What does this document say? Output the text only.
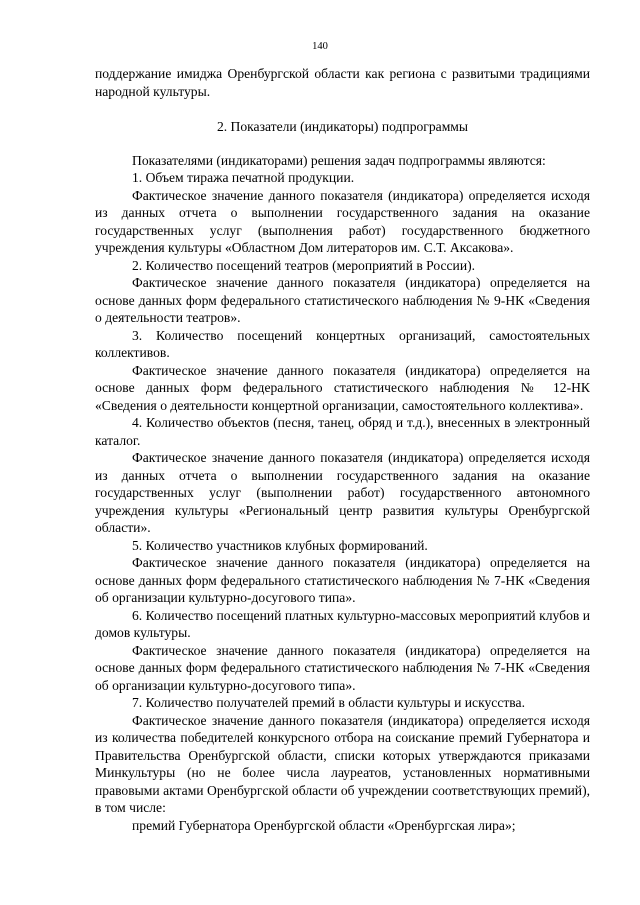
140

поддержание имиджа Оренбургской области как региона с развитыми традициями народной культуры.

2. Показатели (индикаторы) подпрограммы

Показателями (индикаторами) решения задач подпрограммы являются:

1. Объем тиража печатной продукции.

Фактическое значение данного показателя (индикатора) определяется исходя из данных отчета о выполнении государственного задания на оказание государственных услуг (выполнения работ) государственного бюджетного учреждения культуры «Областном Дом литераторов им. С.Т. Аксакова».

2. Количество посещений театров (мероприятий в России).

Фактическое значение данного показателя (индикатора) определяется на основе данных форм федерального статистического наблюдения № 9-НК «Сведения о деятельности театров».

3. Количество посещений концертных организаций, самостоятельных коллективов.

Фактическое значение данного показателя (индикатора) определяется на основе данных форм федерального статистического наблюдения № 12-НК «Сведения о деятельности концертной организации, самостоятельного коллектива».

4. Количество объектов (песня, танец, обряд и т.д.), внесенных в электронный каталог.

Фактическое значение данного показателя (индикатора) определяется исходя из данных отчета о выполнении государственного задания на оказание государственных услуг (выполнении работ) государственного автономного учреждения культуры «Региональный центр развития культуры Оренбургской области».

5. Количество участников клубных формирований.

Фактическое значение данного показателя (индикатора) определяется на основе данных форм федерального статистического наблюдения № 7-НК «Сведения об организации культурно-досугового типа».

6. Количество посещений платных культурно-массовых мероприятий клубов и домов культуры.

Фактическое значение данного показателя (индикатора) определяется на основе данных форм федерального статистического наблюдения № 7-НК «Сведения об организации культурно-досугового типа».

7. Количество получателей премий в области культуры и искусства.

Фактическое значение данного показателя (индикатора) определяется исходя из количества победителей конкурсного отбора на соискание премий Губернатора и Правительства Оренбургской области, списки которых утверждаются приказами Минкультуры (но не более числа лауреатов, установленных нормативными правовыми актами Оренбургской области об учреждении соответствующих премий), в том числе:

премий Губернатора Оренбургской области «Оренбургская лира»;
